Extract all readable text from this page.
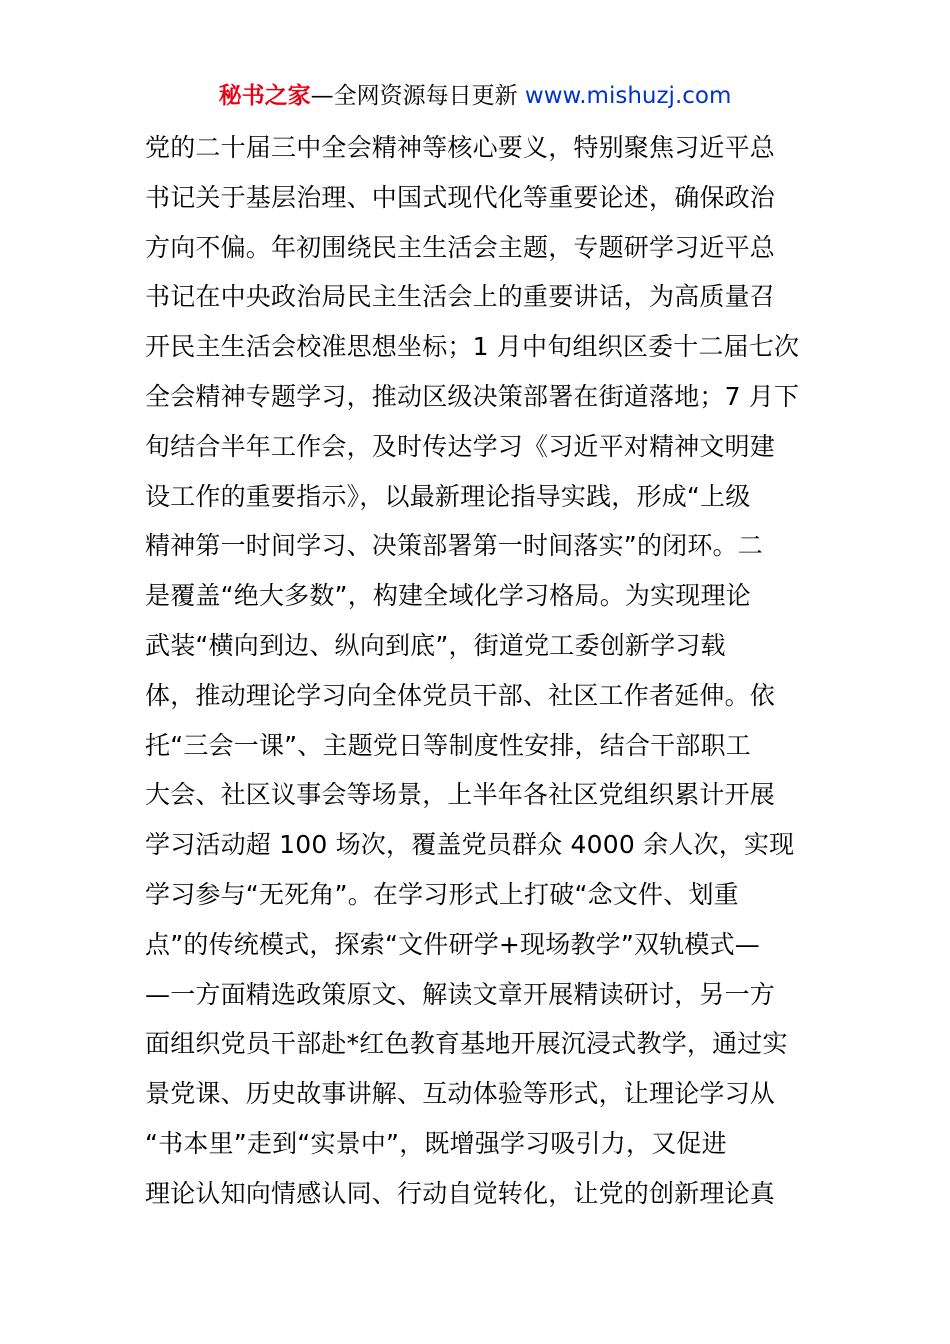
秘书之家—全网资源每日更新 www.mishuzj.com
党的二十届三中全会精神等核心要义，特别聚焦习近平总
书记关于基层治理、中国式现代化等重要论述，确保政治
方向不偏。年初围绕民主生活会主题，专题研学习近平总
书记在中央政治局民主生活会上的重要讲话，为高质量召
开民主生活会校准思想坐标；1 月中旬组织区委十二届七次
全会精神专题学习，推动区级决策部署在街道落地；7 月下
旬结合半年工作会，及时传达学习《习近平对精神文明建
设工作的重要指示》，以最新理论指导实践，形成“上级
精神第一时间学习、决策部署第一时间落实”的闭环。二
是覆盖“绝大多数”，构建全域化学习格局。为实现理论
武装“横向到边、纵向到底”，街道党工委创新学习载
体，推动理论学习向全体党员干部、社区工作者延伸。依
托“三会一课”、主题党日等制度性安排，结合干部职工
大会、社区议事会等场景，上半年各社区党组织累计开展
学习活动超 100 场次，覆盖党员群众 4000 余人次，实现
学习参与“无死角”。在学习形式上打破“念文件、划重
点”的传统模式，探索“文件研学+现场教学”双轨模式—
—一方面精选政策原文、解读文章开展精读研讨，另一方
面组织党员干部赴*红色教育基地开展沉浸式教学，通过实
景党课、历史故事讲解、互动体验等形式，让理论学习从
“书本里”走到“实景中”，既增强学习吸引力，又促进
理论认知向情感认同、行动自觉转化，让党的创新理论真
